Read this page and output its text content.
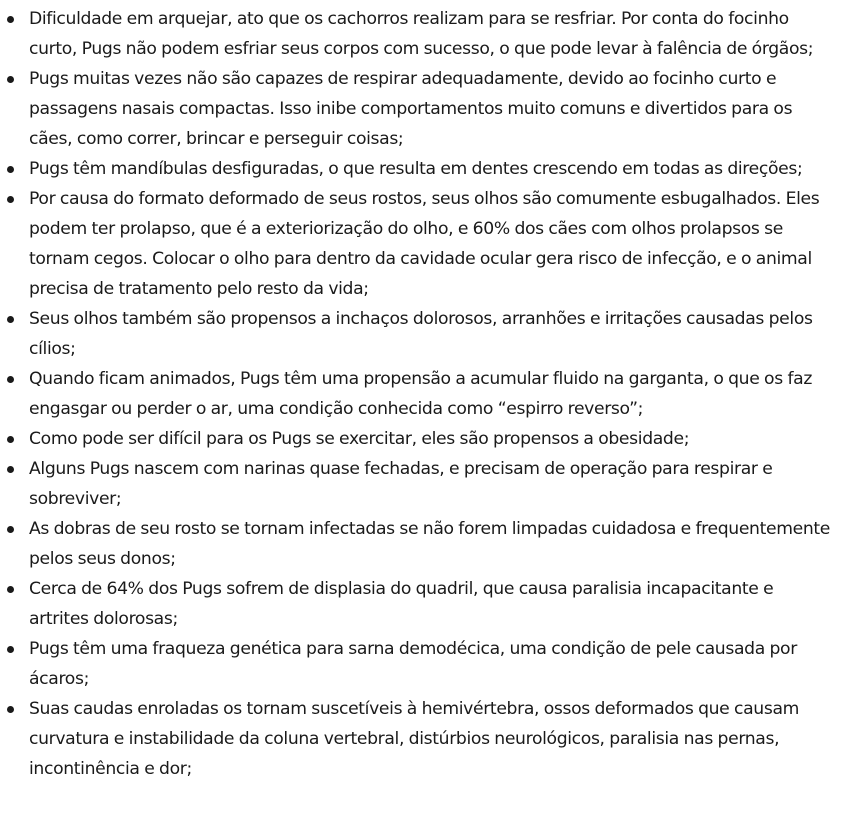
Dificuldade em arquejar, ato que os cachorros realizam para se resfriar. Por conta do focinho curto, Pugs não podem esfriar seus corpos com sucesso, o que pode levar à falência de órgãos;
Pugs muitas vezes não são capazes de respirar adequadamente, devido ao focinho curto e passagens nasais compactas. Isso inibe comportamentos muito comuns e divertidos para os cães, como correr, brincar e perseguir coisas;
Pugs têm mandíbulas desfiguradas, o que resulta em dentes crescendo em todas as direções;
Por causa do formato deformado de seus rostos, seus olhos são comumente esbugalhados. Eles podem ter prolapso, que é a exteriorização do olho, e 60% dos cães com olhos prolapsos se tornam cegos. Colocar o olho para dentro da cavidade ocular gera risco de infecção, e o animal precisa de tratamento pelo resto da vida;
Seus olhos também são propensos a inchaços dolorosos, arranhões e irritações causadas pelos cílios;
Quando ficam animados, Pugs têm uma propensão a acumular fluido na garganta, o que os faz engasgar ou perder o ar, uma condição conhecida como “espirro reverso”;
Como pode ser difícil para os Pugs se exercitar, eles são propensos a obesidade;
Alguns Pugs nascem com narinas quase fechadas, e precisam de operação para respirar e sobreviver;
As dobras de seu rosto se tornam infectadas se não forem limpadas cuidadosa e frequentemente pelos seus donos;
Cerca de 64% dos Pugs sofrem de displasia do quadril, que causa paralisia incapacitante e artrites dolorosas;
Pugs têm uma fraqueza genética para sarna demodécica, uma condição de pele causada por ácaros;
Suas caudas enroladas os tornam suscetíveis à hemivértebra, ossos deformados que causam curvatura e instabilidade da coluna vertebral, distúrbios neurológicos, paralisia nas pernas, incontinência e dor;
